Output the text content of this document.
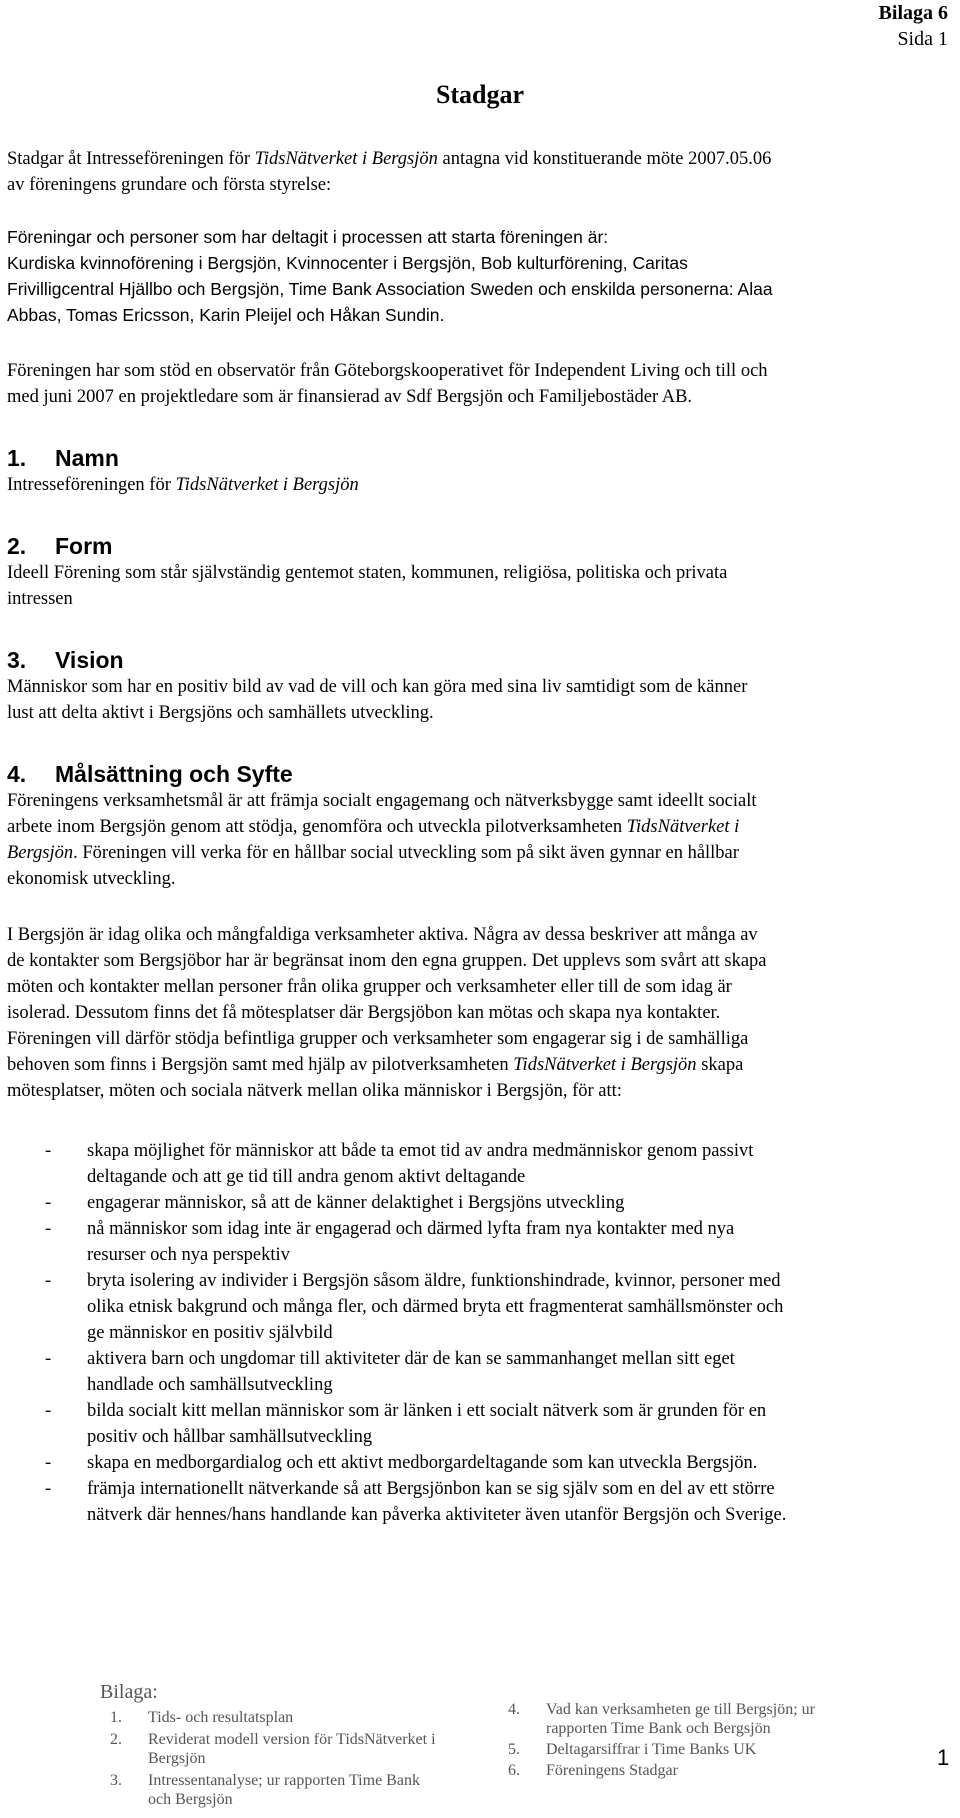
Bilaga 6
Sida 1
Stadgar

Stadgar åt Intresseföreningen för TidsNätverket i Bergsjön antagna vid konstituerande möte 2007.05.06
av föreningens grundare och första styrelse:

Föreningar och personer som har deltagit i processen att starta föreningen är:
Kurdiska kvinnoförening i Bergsjön, Kvinnocenter i Bergsjön, Bob kulturförening, Caritas
Frivilligcentral Hjällbo och Bergsjön, Time Bank Association Sweden och enskilda personerna: Alaa
Abbas, Tomas Ericsson, Karin Pleijel och Håkan Sundin.

Föreningen har som stöd en observatör från Göteborgskooperativet för Independent Living och till och
med juni 2007 en projektledare som är finansierad av Sdf Bergsjön och Familjebostäder AB.

1. Namn

Intresseföreningen för TidsNätverket i Bergsjön

2. Form

Ideell Förening som står självständig gentemot staten, kommunen, religiösa, politiska och privata
intressen

3. Vision

Människor som har en positiv bild av vad de vill och kan göra med sina liv samtidigt som de känner
lust att delta aktivt i Bergsjöns och samhällets utveckling.

4. Målsättning och Syfte

Föreningens verksamhetsmål är att främja socialt engagemang och nätverksbygge samt ideellt socialt
arbete inom Bergsjön genom att stödja, genomföra och utveckla pilotverksamheten TidsNätverket i
Bergsjön. Föreningen vill verka för en hållbar social utveckling som på sikt även gynnar en hållbar
ekonomisk utveckling.

I Bergsjön är idag olika och mångfaldiga verksamheter aktiva. Några av dessa beskriver att många av
de kontakter som Bergsjöbor har är begränsat inom den egna gruppen. Det upplevs som svårt att skapa
möten och kontakter mellan personer från olika grupper och verksamheter eller till de som idag är
isolerad. Dessutom finns det få mötesplatser där Bergsjöbon kan mötas och skapa nya kontakter.
Föreningen vill därför stödja befintliga grupper och verksamheter som engagerar sig i de samhälliga
behoven som finns i Bergsjön samt med hjälp av pilotverksamheten TidsNätverket i Bergsjön skapa
mötesplatser, möten och sociala nätverk mellan olika människor i Bergsjön, för att:

- skapa möjlighet för människor att både ta emot tid av andra medmänniskor genom passivt
deltagande och att ge tid till andra genom aktivt deltagande
- engagerar människor, så att de känner delaktighet i Bergsjöns utveckling
- nå människor som idag inte är engagerad och därmed lyfta fram nya kontakter med nya
resurser och nya perspektiv
- bryta isolering av individer i Bergsjön såsom äldre, funktionshindrade, kvinnor, personer med
olika etnisk bakgrund och många fler, och därmed bryta ett fragmenterat samhällsmönster och
ge människor en positiv självbild
- aktivera barn och ungdomar till aktiviteter där de kan se sammanhanget mellan sitt eget
handlade och samhällsutveckling
- bilda socialt kitt mellan människor som är länken i ett socialt nätverk som är grunden för en
positiv och hållbar samhällsutveckling
- skapa en medborgardialog och ett aktivt medborgardeltagande som kan utveckla Bergsjön.
- främja internationellt nätverkande så att Bergsjönbon kan se sig själv som en del av ett större
nätverk där hennes/hans handlande kan påverka aktiviteter även utanför Bergsjön och Sverige.
Bilaga:
1. Tids- och resultatsplan
2. Reviderat modell version för TidsNätverket i
Bergsjön
3. Intressentanalyse; ur rapporten Time Bank
och Bergsjön
4. Vad kan verksamheten ge till Bergsjön; ur
rapporten Time Bank och Bergsjön
5. Deltagarsiffrar i Time Banks UK
6. Föreningens Stadgar
1
